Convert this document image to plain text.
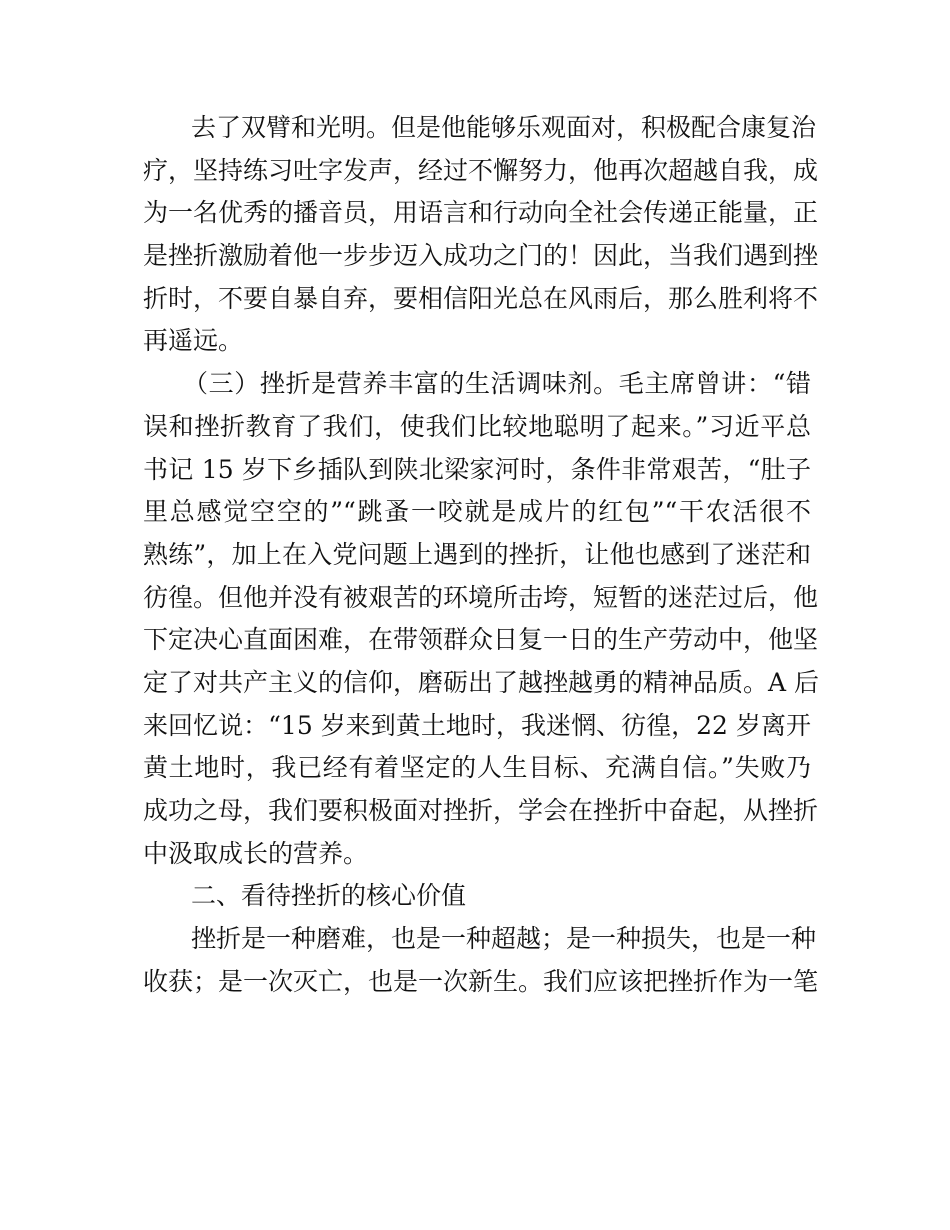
去了双臂和光明。但是他能够乐观面对，积极配合康复治
疗，坚持练习吐字发声，经过不懈努力，他再次超越自我，成
为一名优秀的播音员，用语言和行动向全社会传递正能量，正
是挫折激励着他一步步迈入成功之门的！因此，当我们遇到挫
折时，不要自暴自弃，要相信阳光总在风雨后，那么胜利将不
再遥远。
（三）挫折是营养丰富的生活调味剂。毛主席曾讲：“错
误和挫折教育了我们，使我们比较地聪明了起来。”习近平总
书记 15 岁下乡插队到陕北梁家河时，条件非常艰苦，“肚子
里总感觉空空的”“跳蚤一咬就是成片的红包”“干农活很不
熟练”，加上在入党问题上遇到的挫折，让他也感到了迷茫和
彷徨。但他并没有被艰苦的环境所击垮，短暂的迷茫过后，他
下定决心直面困难，在带领群众日复一日的生产劳动中，他坚
定了对共产主义的信仰，磨砺出了越挫越勇的精神品质。A 后
来回忆说：“15 岁来到黄土地时，我迷惘、彷徨，22 岁离开
黄土地时，我已经有着坚定的人生目标、充满自信。”失败乃
成功之母，我们要积极面对挫折，学会在挫折中奋起，从挫折
中汲取成长的营养。
二、看待挫折的核心价值
挫折是一种磨难，也是一种超越；是一种损失，也是一种
收获；是一次灭亡，也是一次新生。我们应该把挫折作为一笔
